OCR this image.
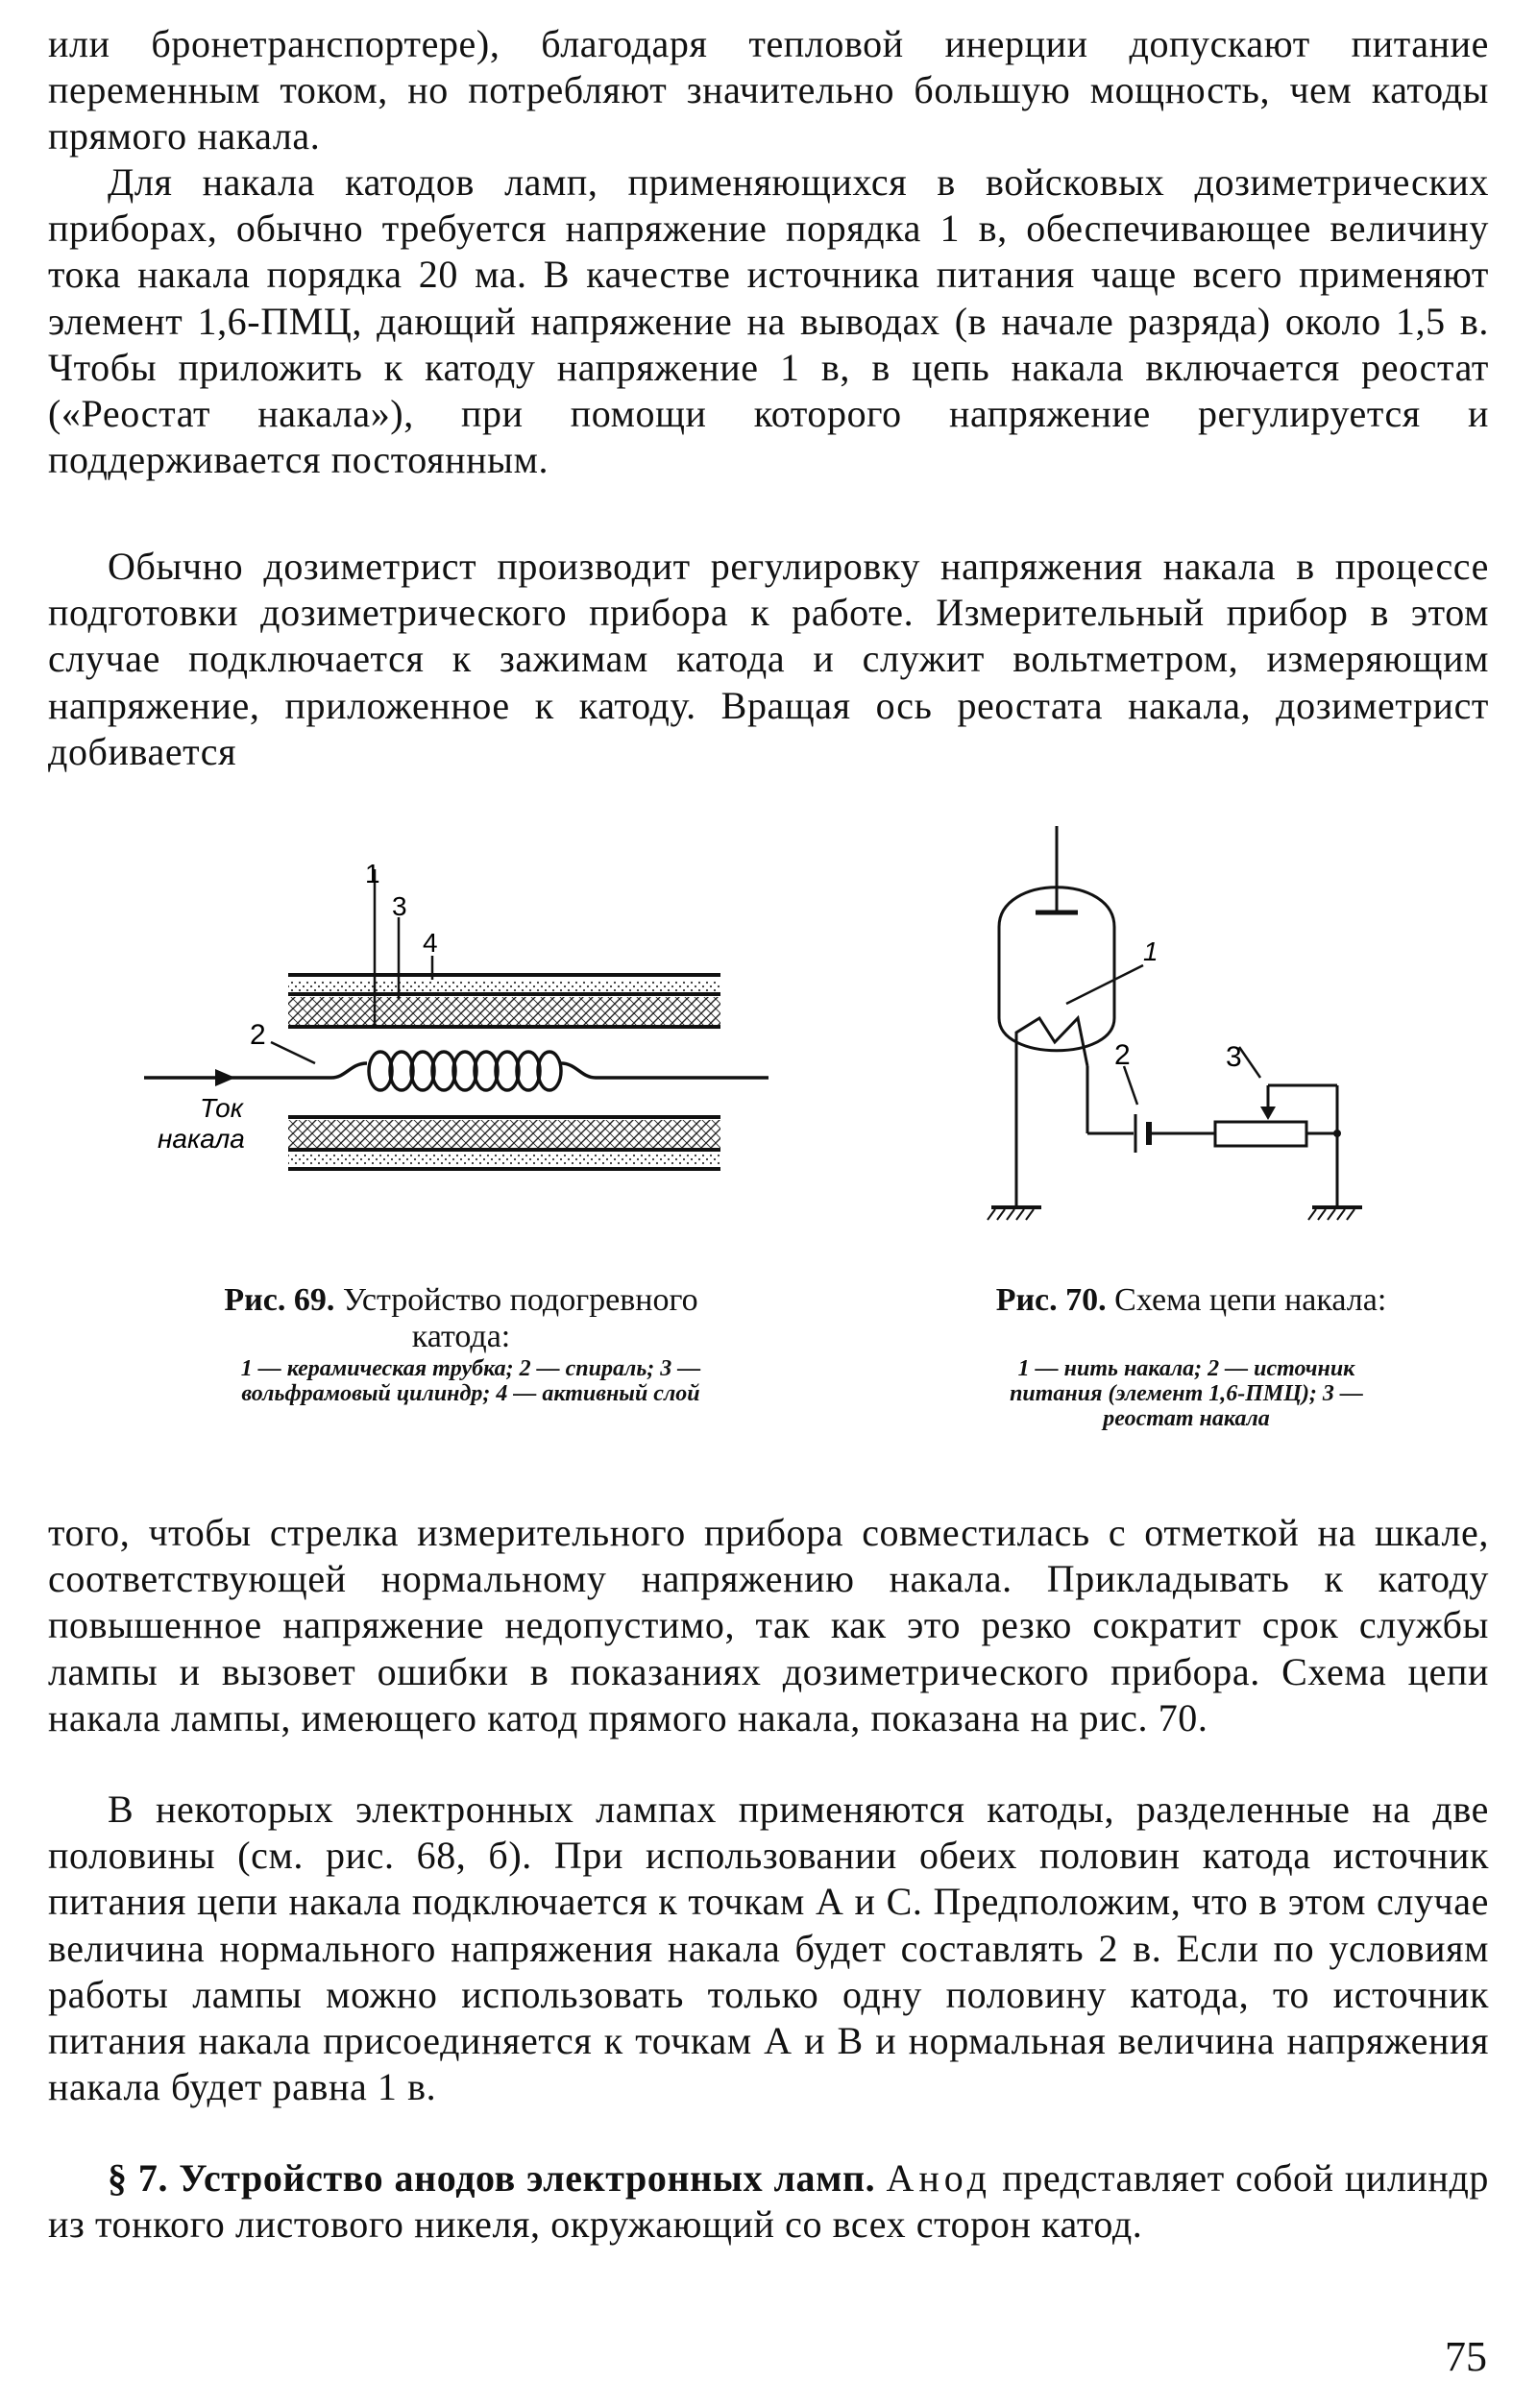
или бронетранспортере), благодаря тепловой инерции допускают питание переменным током, но потребляют значительно большую мощность, чем катоды прямого накала.

Для накала катодов ламп, применяющихся в войсковых дозиметрических приборах, обычно требуется напряжение порядка 1 в, обеспечивающее величину тока накала порядка 20 ма. В качестве источника питания чаще всего применяют элемент 1,6-ПМЦ, дающий напряжение на выводах (в начале разряда) около 1,5 в. Чтобы приложить к катоду напряжение 1 в, в цепь накала включается реостат («Реостат накала»), при помощи которого напряжение регулируется и поддерживается постоянным.

Обычно дозиметрист производит регулировку напряжения накала в процессе подготовки дозиметрического прибора к работе. Измерительный прибор в этом случае подключается к зажимам катода и служит вольтметром, измеряющим напряжение, приложенное к катоду. Вращая ось реостата накала, дозиметрист добивается

1
2
3
4
Ток
накала
Рис. 69. Устройство подогревного катода:
1 — керамическая трубка; 2 — спираль; 3 — вольфрамовый цилиндр; 4 — активный слой
1
2	3
Рис. 70. Схема цепи накала:
1 — нить накала; 2 — источник питания (элемент 1,6-ПМЦ); 3 — реостат накала

того, чтобы стрелка измерительного прибора совместилась с отметкой на шкале, соответствующей нормальному напряжению накала. Прикладывать к катоду повышенное напряжение недопустимо, так как это резко сократит срок службы лампы и вызовет ошибки в показаниях дозиметрического прибора. Схема цепи накала лампы, имеющего катод прямого накала, показана на рис. 70.

В некоторых электронных лампах применяются катоды, разделенные на две половины (см. рис. 68, б). При использовании обеих половин катода источник питания цепи накала подключается к точкам А и С. Предположим, что в этом случае величина нормального напряжения накала будет составлять 2 в. Если по условиям работы лампы можно использовать только одну половину катода, то источник питания накала присоединяется к точкам А и В и нормальная величина напряжения накала будет равна 1 в.

§ 7. Устройство анодов электронных ламп. Анод представляет собой цилиндр из тонкого листового никеля, окружающий со всех сторон катод.

75
